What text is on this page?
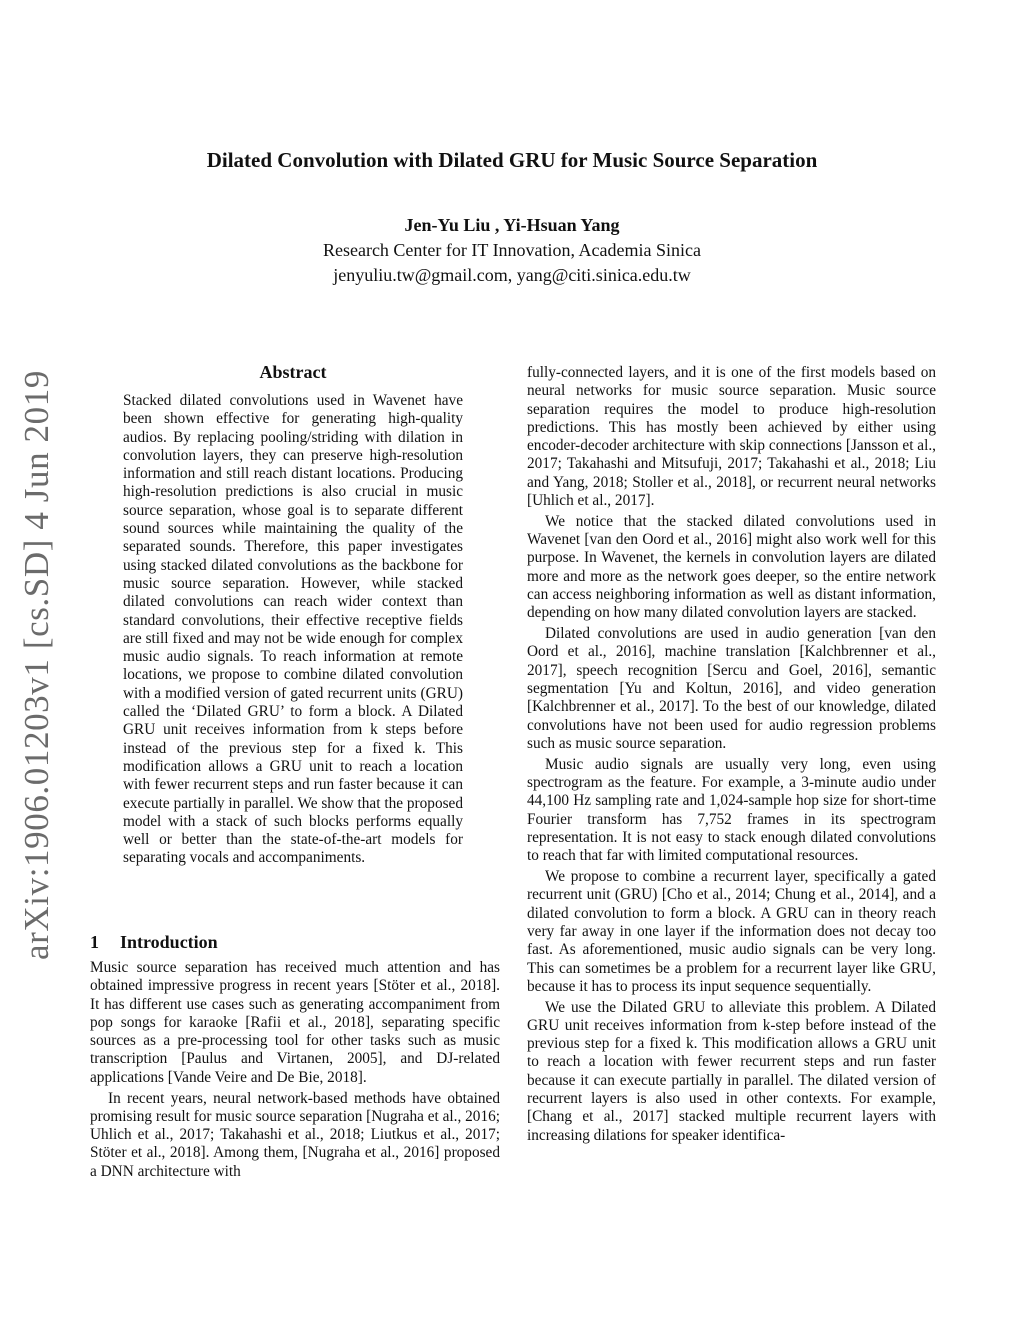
Dilated Convolution with Dilated GRU for Music Source Separation
Jen-Yu Liu , Yi-Hsuan Yang
Research Center for IT Innovation, Academia Sinica
jenyuliu.tw@gmail.com, yang@citi.sinica.edu.tw
arXiv:1906.01203v1 [cs.SD] 4 Jun 2019	Abstract

Stacked dilated convolutions used in Wavenet have been shown effective for generating high-quality audios. By replacing pooling/striding with dilation in convolution layers, they can preserve high-resolution information and still reach distant locations. Producing high-resolution predictions is also crucial in music source separation, whose goal is to separate different sound sources while maintaining the quality of the separated sounds. Therefore, this paper investigates using stacked dilated convolutions as the backbone for music source separation. However, while stacked dilated convolutions can reach wider context than standard convolutions, their effective receptive fields are still fixed and may not be wide enough for complex music audio signals. To reach information at remote locations, we propose to combine dilated convolution with a modified version of gated recurrent units (GRU) called the ‘Dilated GRU’ to form a block. A Dilated GRU unit receives information from k steps before instead of the previous step for a fixed k. This modification allows a GRU unit to reach a location with fewer recurrent steps and run faster because it can execute partially in parallel. We show that the proposed model with a stack of such blocks performs equally well or better than the state-of-the-art models for separating vocals and accompaniments.

1 Introduction

Music source separation has received much attention and has obtained impressive progress in recent years [Stöter et al., 2018]. It has different use cases such as generating accompaniment from pop songs for karaoke [Rafii et al., 2018], separating specific sources as a pre-processing tool for other tasks such as music transcription [Paulus and Virtanen, 2005], and DJ-related applications [Vande Veire and De Bie, 2018].

In recent years, neural network-based methods have obtained promising result for music source separation [Nugraha et al., 2016; Uhlich et al., 2017; Takahashi et al., 2018; Liutkus et al., 2017; Stöter et al., 2018]. Among them, [Nugraha et al., 2016] proposed a DNN architecture with

fully-connected layers, and it is one of the first models based on neural networks for music source separation. Music source separation requires the model to produce high-resolution predictions. This has mostly been achieved by either using encoder-decoder architecture with skip connections [Jansson et al., 2017; Takahashi and Mitsufuji, 2017; Takahashi et al., 2018; Liu and Yang, 2018; Stoller et al., 2018], or recurrent neural networks [Uhlich et al., 2017].

We notice that the stacked dilated convolutions used in Wavenet [van den Oord et al., 2016] might also work well for this purpose. In Wavenet, the kernels in convolution layers are dilated more and more as the network goes deeper, so the entire network can access neighboring information as well as distant information, depending on how many dilated convolution layers are stacked.

Dilated convolutions are used in audio generation [van den Oord et al., 2016], machine translation [Kalchbrenner et al., 2017], speech recognition [Sercu and Goel, 2016], semantic segmentation [Yu and Koltun, 2016], and video generation [Kalchbrenner et al., 2017]. To the best of our knowledge, dilated convolutions have not been used for audio regression problems such as music source separation.

Music audio signals are usually very long, even using spectrogram as the feature. For example, a 3-minute audio under 44,100 Hz sampling rate and 1,024-sample hop size for short-time Fourier transform has 7,752 frames in its spectrogram representation. It is not easy to stack enough dilated convolutions to reach that far with limited computational resources.

We propose to combine a recurrent layer, specifically a gated recurrent unit (GRU) [Cho et al., 2014; Chung et al., 2014], and a dilated convolution to form a block. A GRU can in theory reach very far away in one layer if the information does not decay too fast. As aforementioned, music audio signals can be very long. This can sometimes be a problem for a recurrent layer like GRU, because it has to process its input sequence sequentially.

We use the Dilated GRU to alleviate this problem. A Dilated GRU unit receives information from k-step before instead of the previous step for a fixed k. This modification allows a GRU unit to reach a location with fewer recurrent steps and run faster because it can execute partially in parallel. The dilated version of recurrent layers is also used in other contexts. For example, [Chang et al., 2017] stacked multiple recurrent layers with increasing dilations for speaker identifica-
